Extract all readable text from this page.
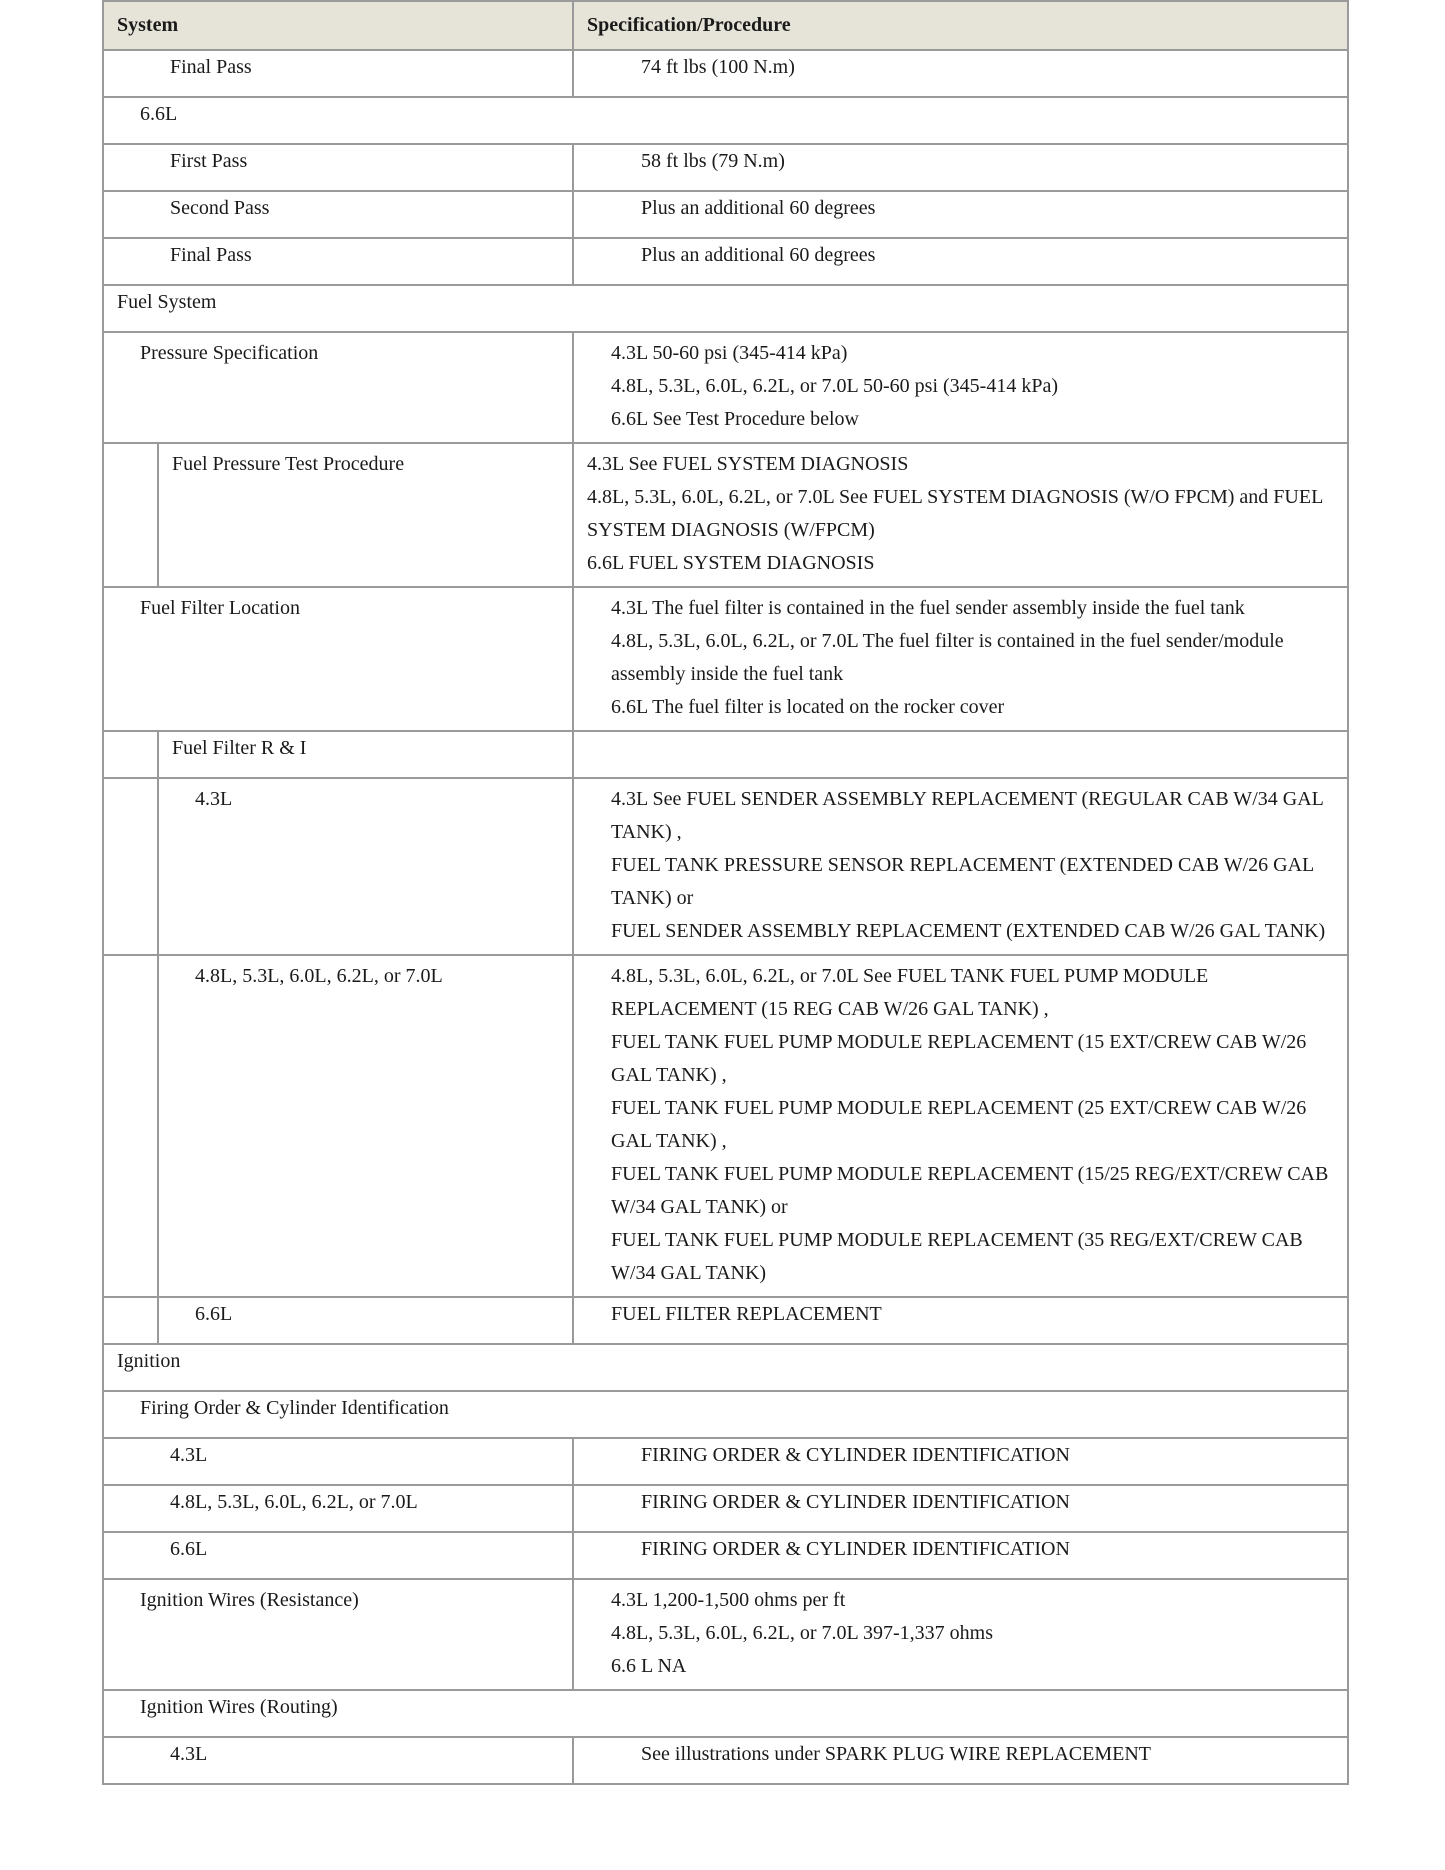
System		Specification/Procedure
Final Pass		74 ft lbs (100 N.m)
6.6L		
First Pass		58 ft lbs (79 N.m)
Second Pass		Plus an additional 60 degrees
Final Pass		Plus an additional 60 degrees
Fuel System		
Pressure Specification		4.3L 50-60 psi (345-414 kPa)
4.8L, 5.3L, 6.0L, 6.2L, or 7.0L 50-60 psi (345-414 kPa)
6.6L See Test Procedure below

	Fuel Pressure Test Procedure	4.3L See FUEL SYSTEM DIAGNOSIS
4.8L, 5.3L, 6.0L, 6.2L, or 7.0L See FUEL SYSTEM DIAGNOSIS (W/O FPCM) and FUEL SYSTEM DIAGNOSIS (W/FPCM)
6.6L FUEL SYSTEM DIAGNOSIS

Fuel Filter Location		4.3L The fuel filter is contained in the fuel sender assembly inside the fuel tank
4.8L, 5.3L, 6.0L, 6.2L, or 7.0L The fuel filter is contained in the fuel sender/module assembly inside the fuel tank
6.6L The fuel filter is located on the rocker cover

	Fuel Filter R & I	
	4.3L	4.3L See FUEL SENDER ASSEMBLY REPLACEMENT (REGULAR CAB W/34 GAL TANK) ,
FUEL TANK PRESSURE SENSOR REPLACEMENT (EXTENDED CAB W/26 GAL TANK) or
FUEL SENDER ASSEMBLY REPLACEMENT (EXTENDED CAB W/26 GAL TANK)

	4.8L, 5.3L, 6.0L, 6.2L, or 7.0L	4.8L, 5.3L, 6.0L, 6.2L, or 7.0L See FUEL TANK FUEL PUMP MODULE REPLACEMENT (15 REG CAB W/26 GAL TANK) ,
FUEL TANK FUEL PUMP MODULE REPLACEMENT (15 EXT/CREW CAB W/26 GAL TANK) ,
FUEL TANK FUEL PUMP MODULE REPLACEMENT (25 EXT/CREW CAB W/26 GAL TANK) ,
FUEL TANK FUEL PUMP MODULE REPLACEMENT (15/25 REG/EXT/CREW CAB W/34 GAL TANK) or
FUEL TANK FUEL PUMP MODULE REPLACEMENT (35 REG/EXT/CREW CAB W/34 GAL TANK)

	6.6L	FUEL FILTER REPLACEMENT
Ignition		
Firing Order & Cylinder Identification		
4.3L		FIRING ORDER & CYLINDER IDENTIFICATION
4.8L, 5.3L, 6.0L, 6.2L, or 7.0L		FIRING ORDER & CYLINDER IDENTIFICATION
6.6L		FIRING ORDER & CYLINDER IDENTIFICATION
Ignition Wires (Resistance)		4.3L 1,200-1,500 ohms per ft
4.8L, 5.3L, 6.0L, 6.2L, or 7.0L 397-1,337 ohms
6.6 L NA

Ignition Wires (Routing)		
4.3L		See illustrations under SPARK PLUG WIRE REPLACEMENT
